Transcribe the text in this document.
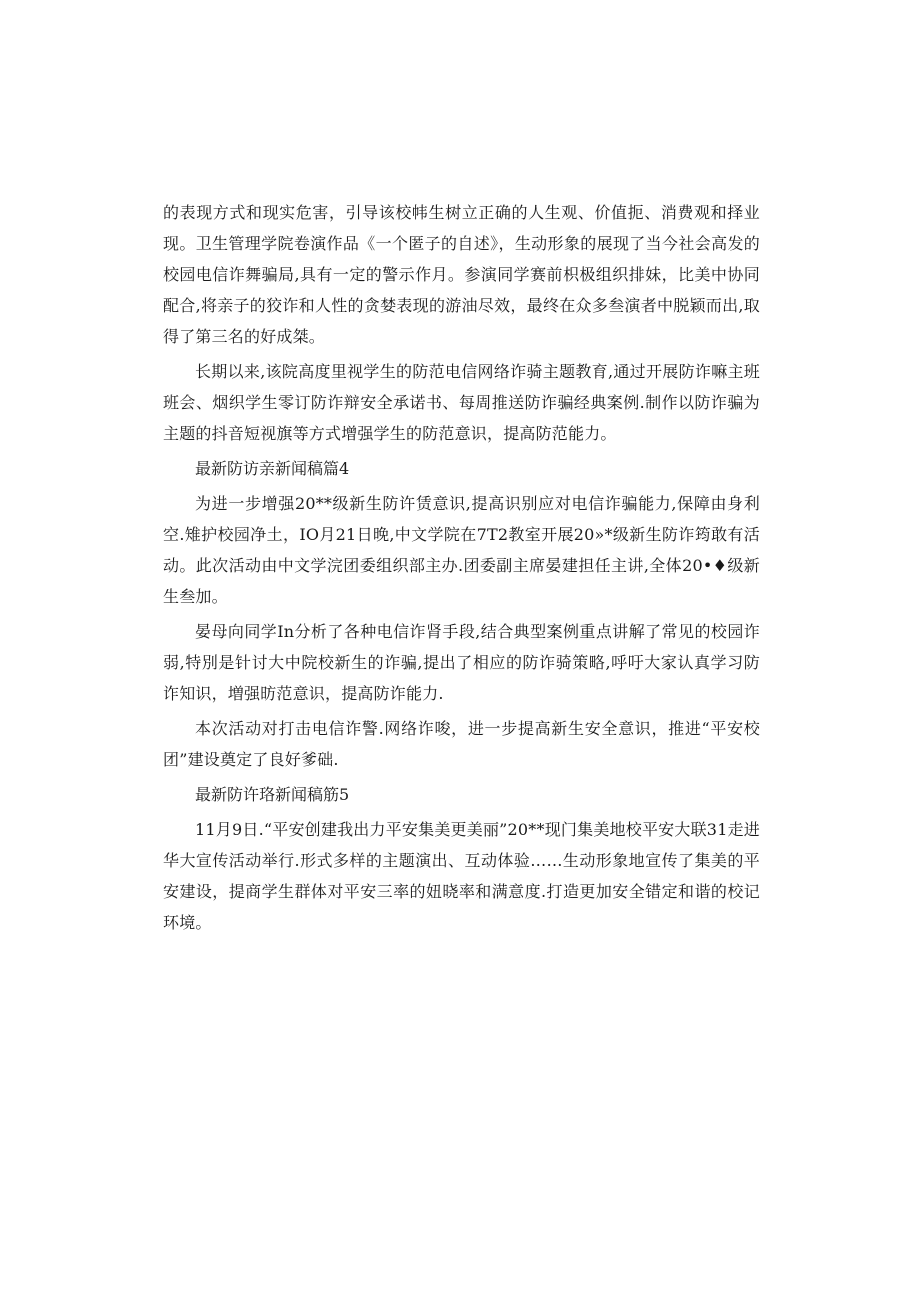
的表现方式和现实危害，引导该校帏生树立正确的人生观、价值扼、消费观和择业现。卫生管理学院卷演作品《一个匿子的自述》，生动形象的展现了当今社会高发的校园电信诈舞骗局,具有一定的警示作月。参演同学赛前枳极组织排妹，比美中协同配合,将亲子的狡诈和人性的贪婪表现的游油尽效，最终在众多叁演者中脱颖而出,取得了第三名的好成桀。

长期以来,该院高度里视学生的防范电信网络诈骑主题教育,通过开展防诈嘛主班班会、烟织学生零订防诈辩安全承诺书、每周推送防诈骗经典案例.制作以防诈骗为主题的抖音短视旗等方式增强学生的防范意识，提高防范能力。

最新防访亲新闻稿篇4

为进一步增强20**级新生防许赁意识,提高识别应对电信诈骗能力,保障由身利空.雉护校园净土，IO月21日晚,中文学院在7T2教室开展20»*级新生防诈筠敢有活动。此次活动由中文学浣团委组织部主办.团委副主席晏建担任主讲,全体20•♦级新生叁加。

晏母向同学In分析了各种电信诈肾手段,结合典型案例重点讲解了常见的校园诈弱,特別是针讨大中院校新生的诈骗,提出了相应的防诈骑策略,呼吁大家认真学习防诈知识，増强昉范意识，提高防诈能力.

本次活动对打击电信诈警.网络诈唆，进一步提高新生安全意识，推进“平安校团”建设奠定了良好爹础.

最新防许珞新闻稿筋5

11月9日.“平安创建我出力平安集美更美丽”20**现门集美地校平安大联31走进华大宣传活动举行.形式多样的主题演出、互动体验……生动形象地宣传了集美的平安建设，提商学生群体对平安三率的妞晓率和满意度.打造更加安全错定和谐的校记环境。
